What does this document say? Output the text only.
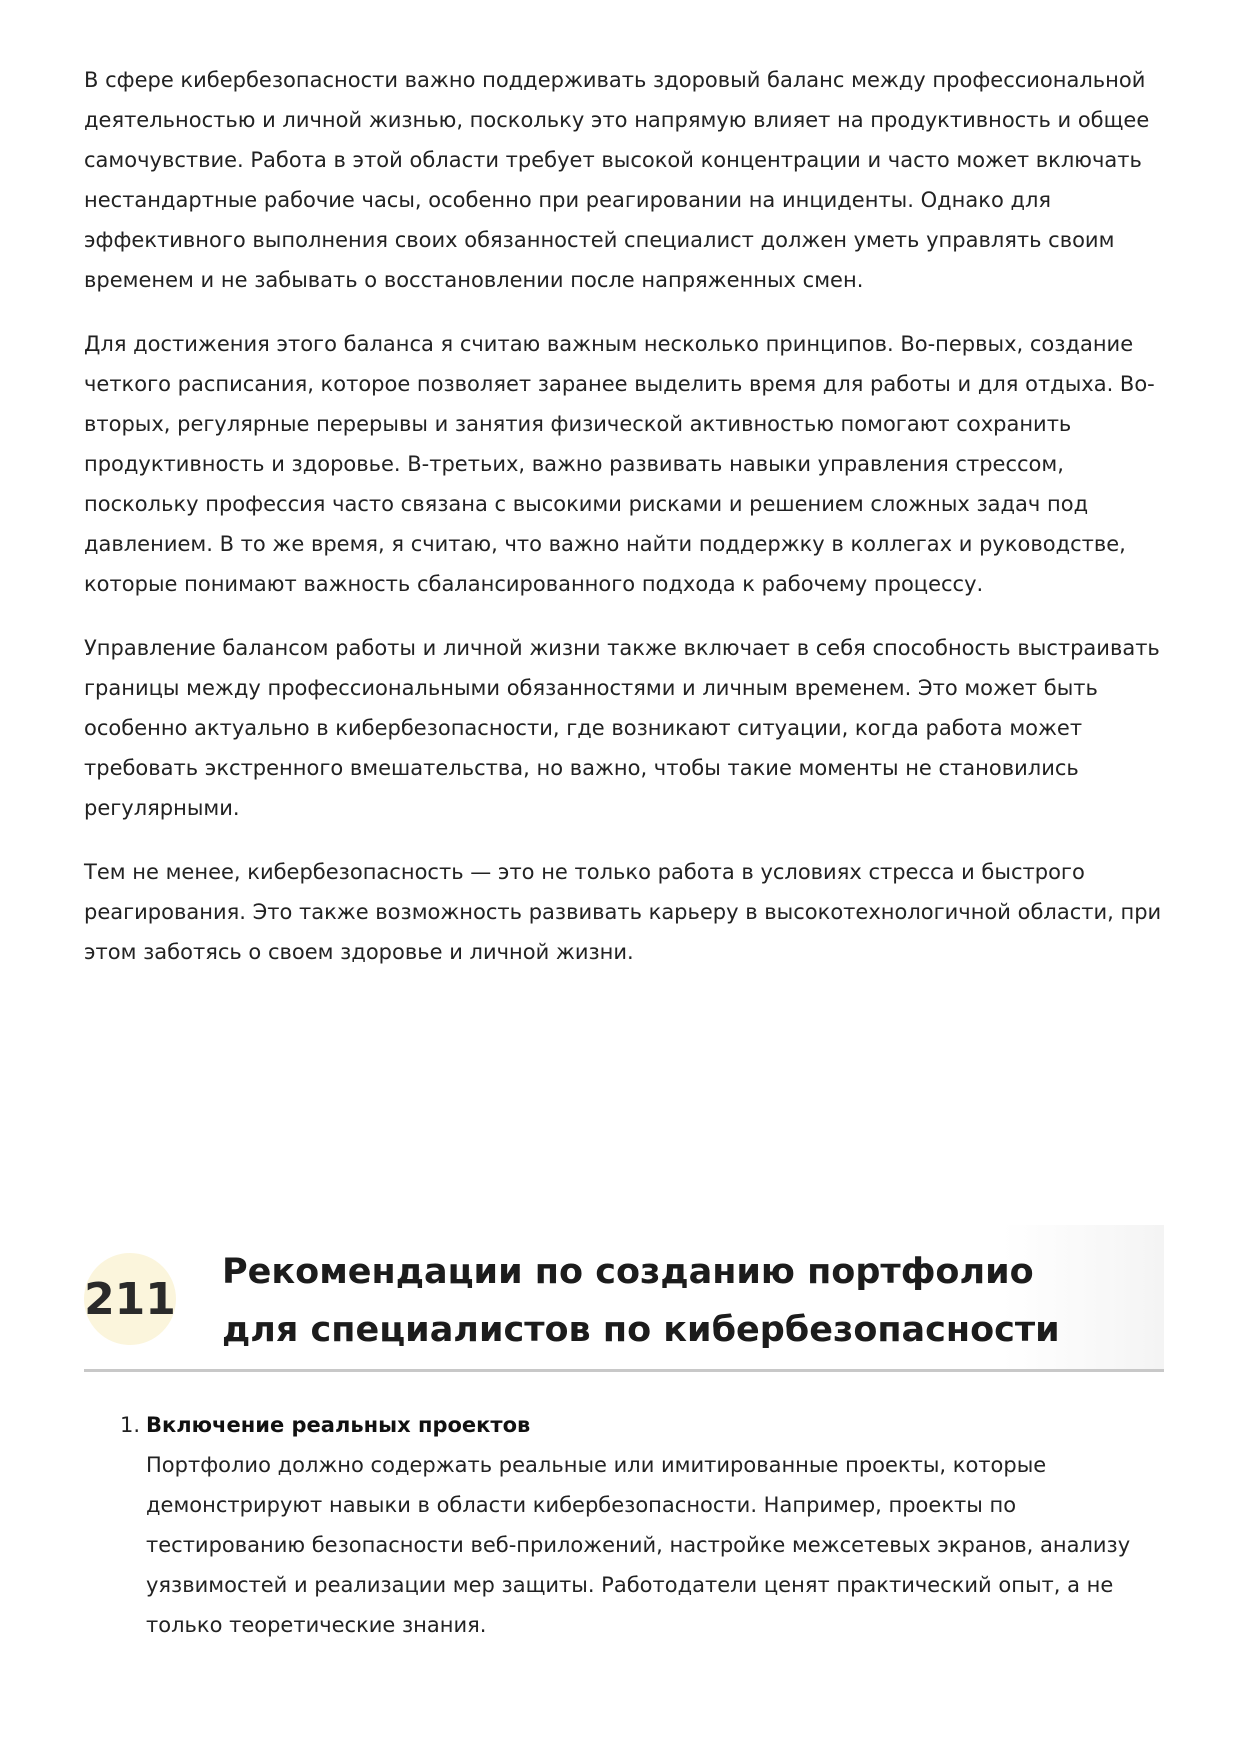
В сфере кибербезопасности важно поддерживать здоровый баланс между профессиональной деятельностью и личной жизнью, поскольку это напрямую влияет на продуктивность и общее самочувствие. Работа в этой области требует высокой концентрации и часто может включать нестандартные рабочие часы, особенно при реагировании на инциденты. Однако для эффективного выполнения своих обязанностей специалист должен уметь управлять своим временем и не забывать о восстановлении после напряженных смен.

Для достижения этого баланса я считаю важным несколько принципов. Во-первых, создание четкого расписания, которое позволяет заранее выделить время для работы и для отдыха. Во-вторых, регулярные перерывы и занятия физической активностью помогают сохранить продуктивность и здоровье. В-третьих, важно развивать навыки управления стрессом, поскольку профессия часто связана с высокими рисками и решением сложных задач под давлением. В то же время, я считаю, что важно найти поддержку в коллегах и руководстве, которые понимают важность сбалансированного подхода к рабочему процессу.

Управление балансом работы и личной жизни также включает в себя способность выстраивать границы между профессиональными обязанностями и личным временем. Это может быть особенно актуально в кибербезопасности, где возникают ситуации, когда работа может требовать экстренного вмешательства, но важно, чтобы такие моменты не становились регулярными.

Тем не менее, кибербезопасность — это не только работа в условиях стресса и быстрого реагирования. Это также возможность развивать карьеру в высокотехнологичной области, при этом заботясь о своем здоровье и личной жизни.

211
Рекомендации по созданию портфолио для специалистов по кибербезопасности
1. Включение реальных проектов
Портфолио должно содержать реальные или имитированные проекты, которые демонстрируют навыки в области кибербезопасности. Например, проекты по тестированию безопасности веб-приложений, настройке межсетевых экранов, анализу уязвимостей и реализации мер защиты. Работодатели ценят практический опыт, а не только теоретические знания.
